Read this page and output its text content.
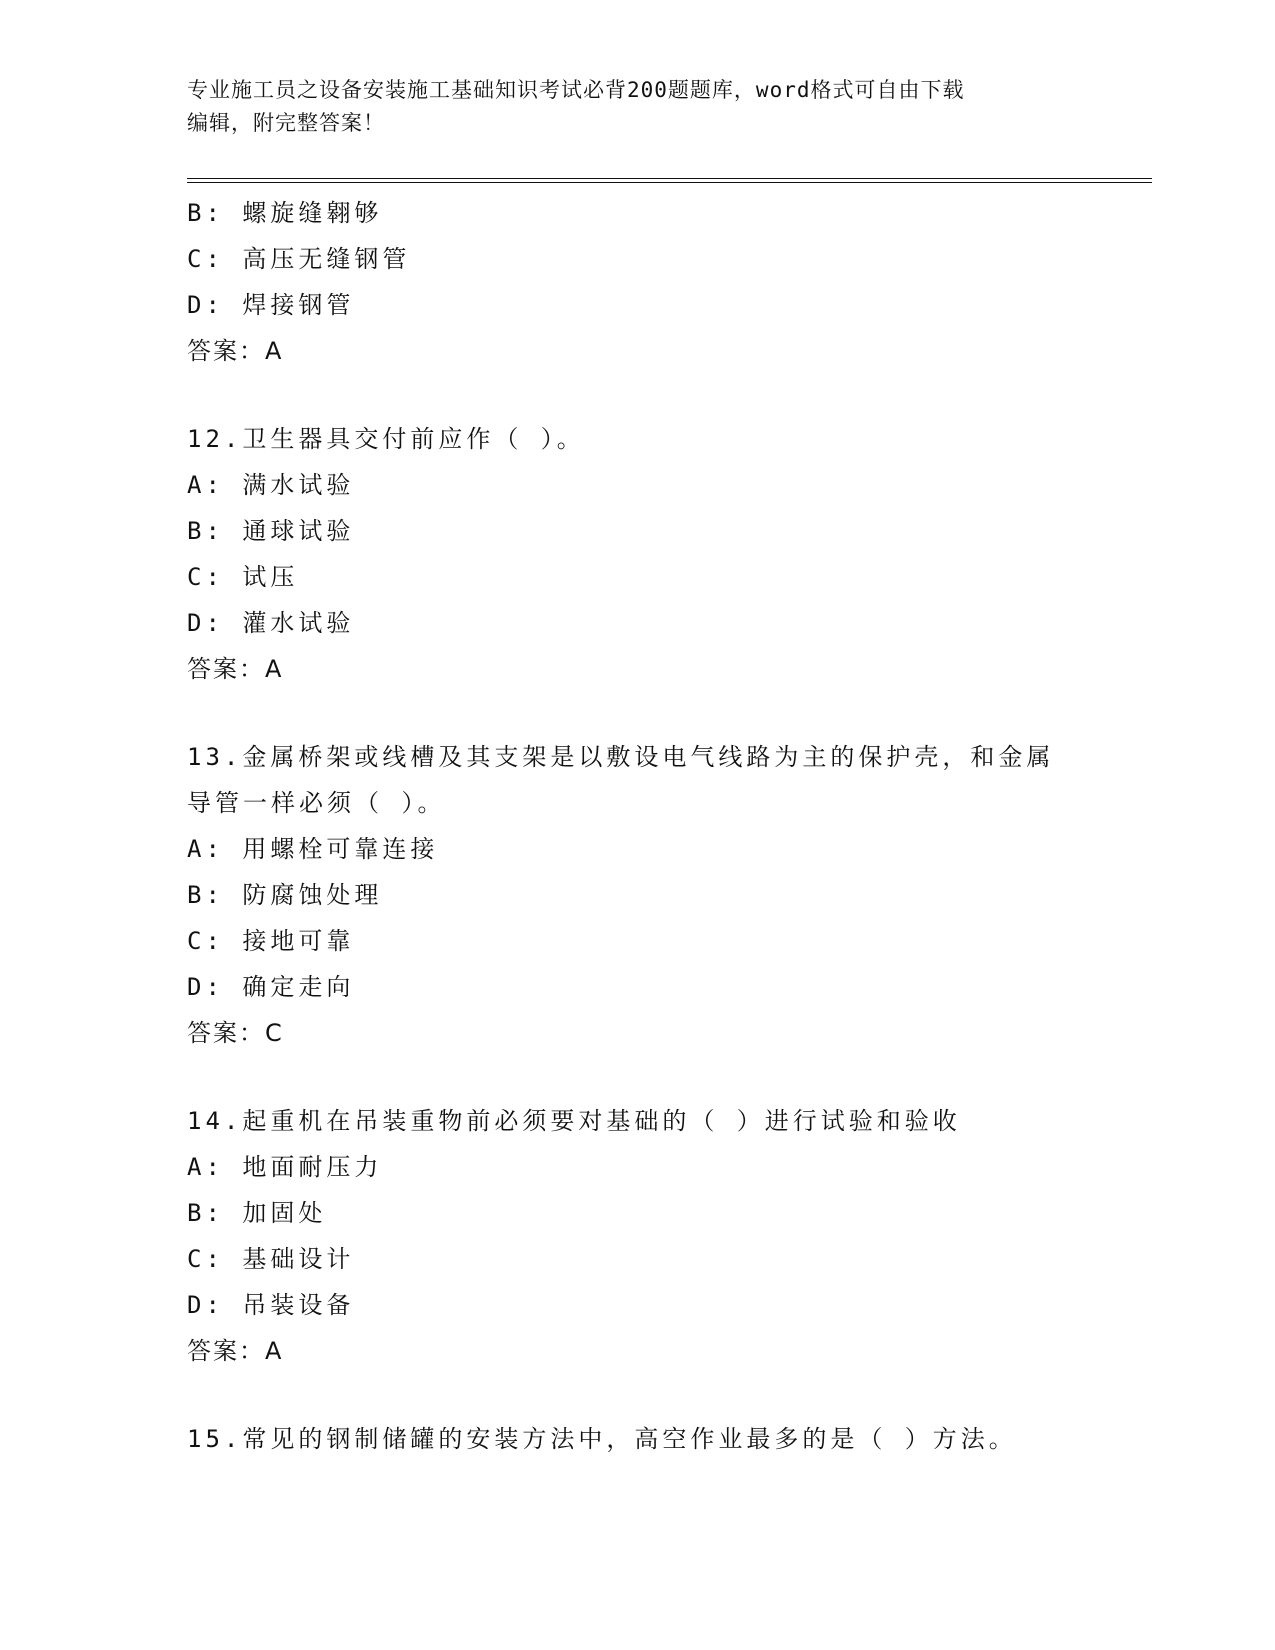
专业施工员之设备安装施工基础知识考试必背200题题库，word格式可自由下载
编辑，附完整答案！
B: 螺旋缝翱够
C: 高压无缝钢管
D: 焊接钢管
答案：A
12.卫生器具交付前应作（ ）。
A: 满水试验
B: 通球试验
C: 试压
D: 灌水试验
答案：A
13.金属桥架或线槽及其支架是以敷设电气线路为主的保护壳，和金属
导管一样必须（ ）。
A: 用螺栓可靠连接
B: 防腐蚀处理
C: 接地可靠
D: 确定走向
答案：C
14.起重机在吊装重物前必须要对基础的（ ）进行试验和验收
A: 地面耐压力
B: 加固处
C: 基础设计
D: 吊装设备
答案：A
15.常见的钢制储罐的安装方法中，高空作业最多的是（ ）方法。
